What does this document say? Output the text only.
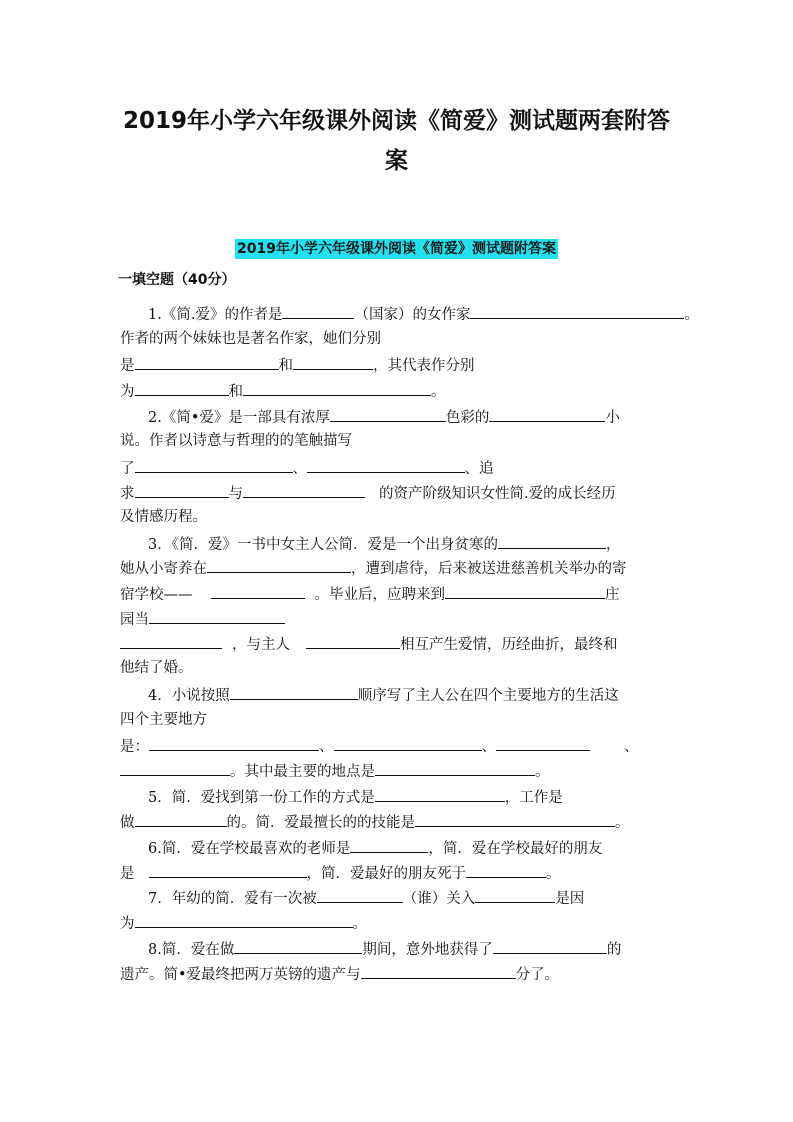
2019年小学六年级课外阅读《简爱》测试题两套附答
案
2019年小学六年级课外阅读《简爱》测试题附答案
一填空题（40分）
1.《简.爱》的作者是	（国家）的女作家	。
作者的两个妹妹也是著名作家，她们分别
是	和	，其代表作分别
为	和	。
2.《简•爱》是一部具有浓厚	色彩的	小
说。作者以诗意与哲理的的笔触描写
了	、	、追
求	与	的资产阶级知识女性简.爱的成长经历
及情感历程。
3．《简．爱》一书中女主人公简．爱是一个出身贫寒的	，
她从小寄养在	，遭到虐待，后来被送进慈善机关举办的寄
宿学校——	。毕业后，应聘来到	庄
园当
，与主人	相互产生爱情，历经曲折，最终和
他结了婚。
4．小说按照	顺序写了主人公在四个主要地方的生活这
四个主要地方
是：	、	、	、
。其中最主要的地点是	。
5．简．爱找到第一份工作的方式是	，工作是
做	的。简．爱最擅长的的技能是	。
6.简．爱在学校最喜欢的老师是	，简．爱在学校最好的朋友
是	，简．爱最好的朋友死于	。
7．年幼的简．爱有一次被	（谁）关入	是因
为	。
8.简．爱在做	期间，意外地获得了	的
遗产。简•爱最终把两万英镑的遗产与	分了。
